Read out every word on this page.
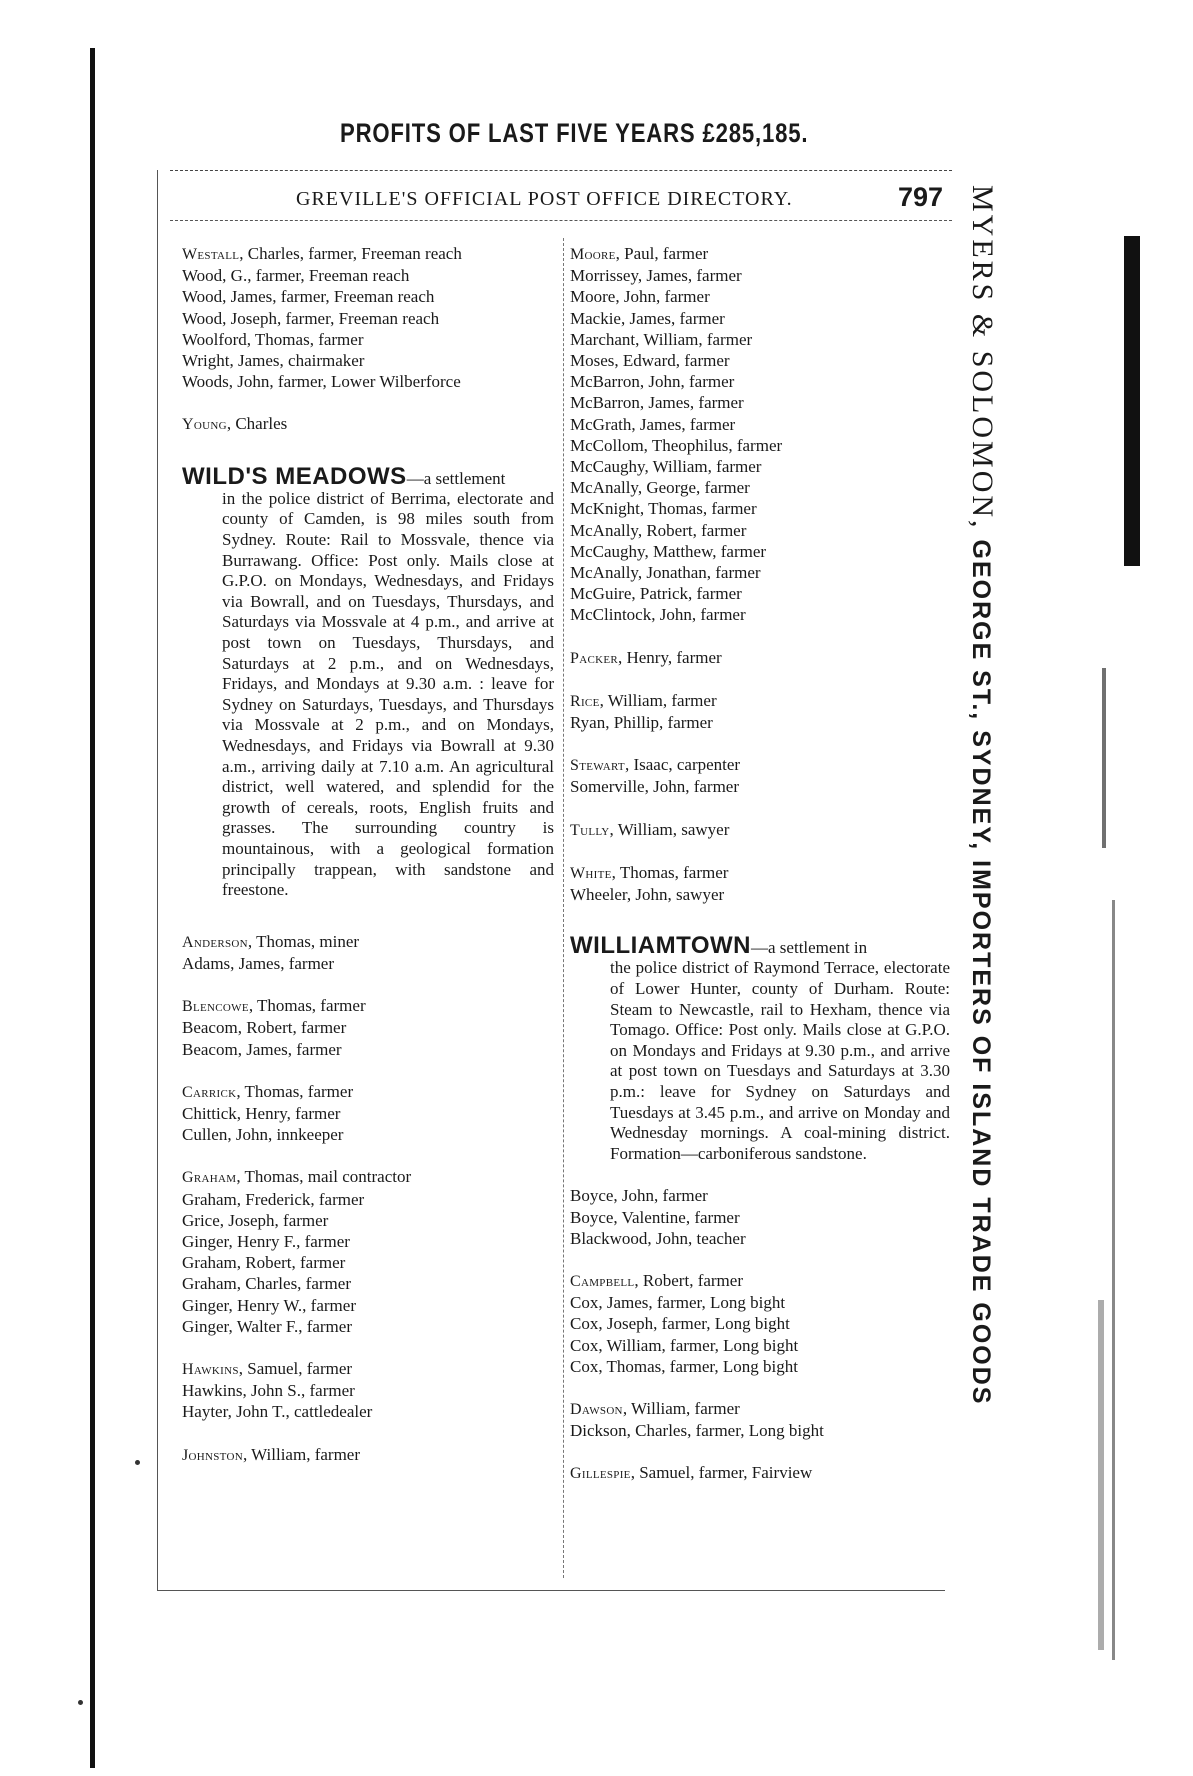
PROFITS OF LAST FIVE YEARS £285,185.
GREVILLE'S OFFICIAL POST OFFICE DIRECTORY.	797
Westall, Charles, farmer, Freeman reach
Wood, G., farmer, Freeman reach
Wood, James, farmer, Freeman reach
Wood, Joseph, farmer, Freeman reach
Woolford, Thomas, farmer
Wright, James, chairmaker
Woods, John, farmer, Lower Wilberforce
Young, Charles
WILD'S MEADOWS—a settlement
in the police district of Berrima, electorate and county of Camden, is 98 miles south from Sydney. Route: Rail to Mossvale, thence via Burrawang. Office: Post only. Mails close at G.P.O. on Mondays, Wednesdays, and Fridays via Bowrall, and on Tuesdays, Thursdays, and Saturdays via Mossvale at 4 p.m., and arrive at post town on Tuesdays, Thursdays, and Saturdays at 2 p.m., and on Wednesdays, Fridays, and Mondays at 9.30 a.m. : leave for Sydney on Saturdays, Tuesdays, and Thursdays via Mossvale at 2 p.m., and on Mondays, Wednesdays, and Fridays via Bowrall at 9.30 a.m., arriving daily at 7.10 a.m. An agricultural district, well watered, and splendid for the growth of cereals, roots, English fruits and grasses. The surrounding country is mountainous, with a geological formation principally trappean, with sandstone and freestone.
Anderson, Thomas, miner
Adams, James, farmer
Blencowe, Thomas, farmer
Beacom, Robert, farmer
Beacom, James, farmer
Carrick, Thomas, farmer
Chittick, Henry, farmer
Cullen, John, innkeeper
Graham, Thomas, mail contractor
Graham, Frederick, farmer
Grice, Joseph, farmer
Ginger, Henry F., farmer
Graham, Robert, farmer
Graham, Charles, farmer
Ginger, Henry W., farmer
Ginger, Walter F., farmer
Hawkins, Samuel, farmer
Hawkins, John S., farmer
Hayter, John T., cattledealer
Johnston, William, farmer
Moore, Paul, farmer
Morrissey, James, farmer
Moore, John, farmer
Mackie, James, farmer
Marchant, William, farmer
Moses, Edward, farmer
McBarron, John, farmer
McBarron, James, farmer
McGrath, James, farmer
McCollom, Theophilus, farmer
McCaughy, William, farmer
McAnally, George, farmer
McKnight, Thomas, farmer
McAnally, Robert, farmer
McCaughy, Matthew, farmer
McAnally, Jonathan, farmer
McGuire, Patrick, farmer
McClintock, John, farmer
Packer, Henry, farmer
Rice, William, farmer
Ryan, Phillip, farmer
Stewart, Isaac, carpenter
Somerville, John, farmer
Tully, William, sawyer
White, Thomas, farmer
Wheeler, John, sawyer
WILLIAMTOWN—a settlement in
the police district of Raymond Terrace, electorate of Lower Hunter, county of Durham. Route: Steam to Newcastle, rail to Hexham, thence via Tomago. Office: Post only. Mails close at G.P.O. on Mondays and Fridays at 9.30 p.m., and arrive at post town on Tuesdays and Saturdays at 3.30 p.m.: leave for Sydney on Saturdays and Tuesdays at 3.45 p.m., and arrive on Monday and Wednesday mornings. A coal-mining district. Formation—carboniferous sandstone.
Boyce, John, farmer
Boyce, Valentine, farmer
Blackwood, John, teacher
Campbell, Robert, farmer
Cox, James, farmer, Long bight
Cox, Joseph, farmer, Long bight
Cox, William, farmer, Long bight
Cox, Thomas, farmer, Long bight
Dawson, William, farmer
Dickson, Charles, farmer, Long bight
Gillespie, Samuel, farmer, Fairview
MYERS & SOLOMON, GEORGE ST., SYDNEY, IMPORTERS OF ISLAND TRADE GOODS
